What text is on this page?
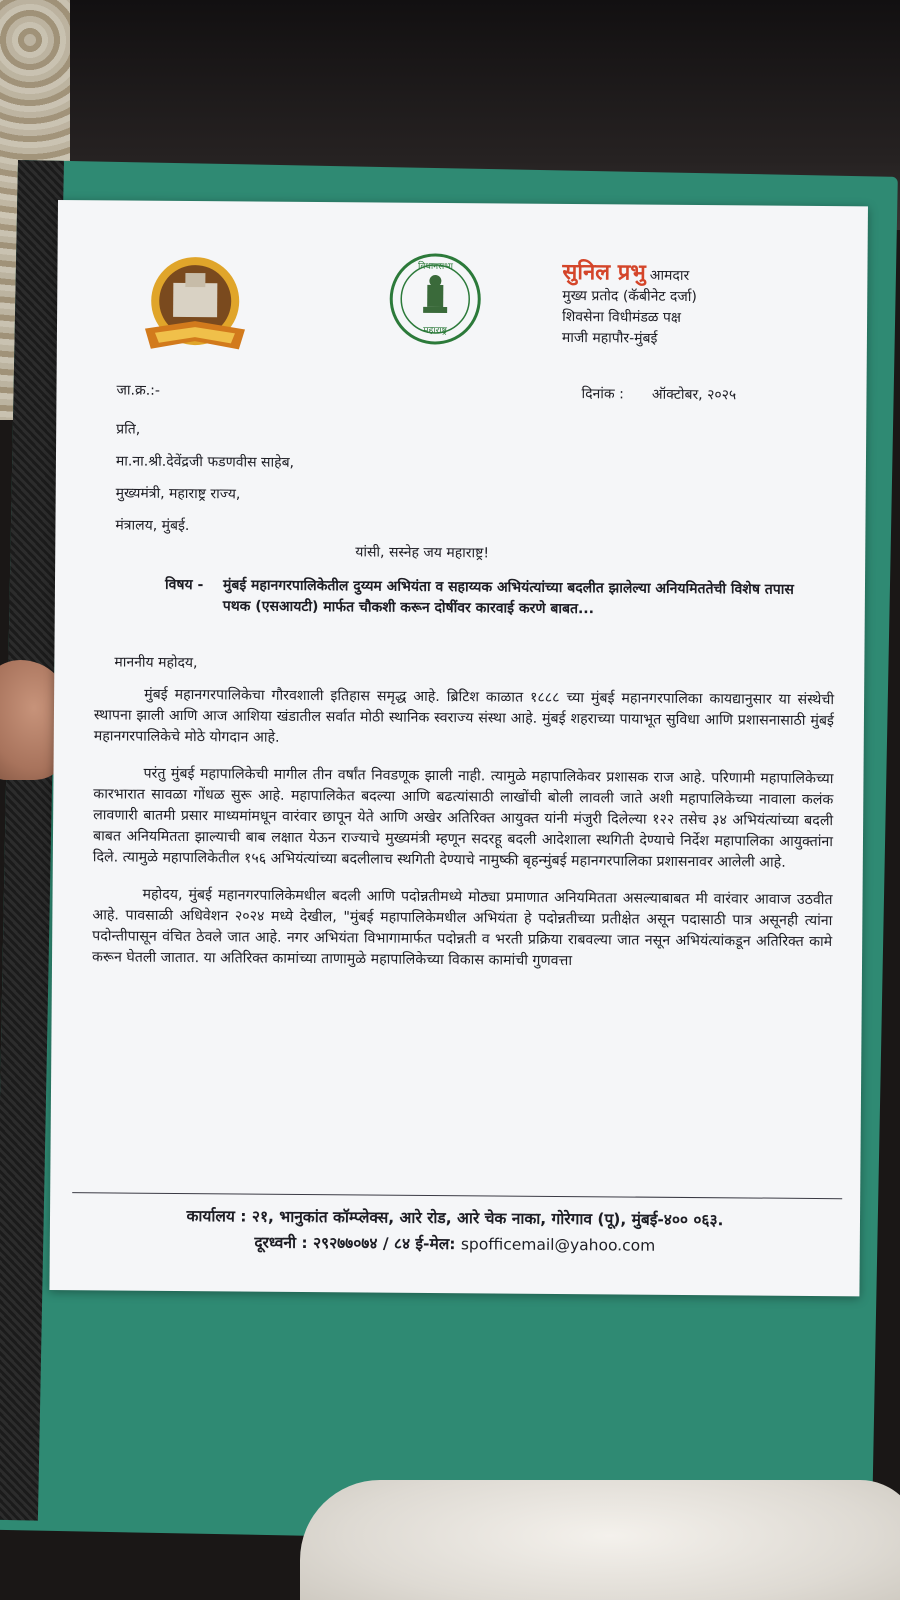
विधानसभा
महाराष्ट्र
सुनिल प्रभु आमदार
मुख्य प्रतोद (कॅबीनेट दर्जा)
शिवसेना विधीमंडळ पक्ष
माजी महापौर-मुंबई
जा.क्र.:-	दिनांक : ऑक्टोबर, २०२५
प्रति,
मा.ना.श्री.देवेंद्रजी फडणवीस साहेब,
मुख्यमंत्री, महाराष्ट्र राज्य,
मंत्रालय, मुंबई.
यांसी, सस्नेह जय महाराष्ट्र!
विषय - मुंबई महानगरपालिकेतील दुय्यम अभियंता व सहाय्यक अभियंत्यांच्या बदलीत झालेल्या अनियमिततेची विशेष तपास पथक (एसआयटी) मार्फत चौकशी करून दोषींवर कारवाई करणे बाबत...
माननीय महोदय,

मुंबई महानगरपालिकेचा गौरवशाली इतिहास समृद्ध आहे. ब्रिटिश काळात १८८८ च्या मुंबई महानगरपालिका कायद्यानुसार या संस्थेची स्थापना झाली आणि आज आशिया खंडातील सर्वात मोठी स्थानिक स्वराज्य संस्था आहे. मुंबई शहराच्या पायाभूत सुविधा आणि प्रशासनासाठी मुंबई महानगरपालिकेचे मोठे योगदान आहे.

परंतु मुंबई महापालिकेची मागील तीन वर्षांत निवडणूक झाली नाही. त्यामुळे महापालिकेवर प्रशासक राज आहे. परिणामी महापालिकेच्या कारभारात सावळा गोंधळ सुरू आहे. महापालिकेत बदल्या आणि बढत्यांसाठी लाखोंची बोली लावली जाते अशी महापालिकेच्या नावाला कलंक लावणारी बातमी प्रसार माध्यमांमधून वारंवार छापून येते आणि अखेर अतिरिक्त आयुक्त यांनी मंजुरी दिलेल्या १२२ तसेच ३४ अभियंत्यांच्या बदली बाबत अनियमितता झाल्याची बाब लक्षात येऊन राज्याचे मुख्यमंत्री म्हणून सदरहू बदली आदेशाला स्थगिती देण्याचे निर्देश महापालिका आयुक्तांना दिले. त्यामुळे महापालिकेतील १५६ अभियंत्यांच्या बदलीलाच स्थगिती देण्याचे नामुष्की बृहन्मुंबई महानगरपालिका प्रशासनावर आलेली आहे.

महोदय, मुंबई महानगरपालिकेमधील बदली आणि पदोन्नतीमध्ये मोठ्या प्रमाणात अनियमितता असल्याबाबत मी वारंवार आवाज उठवीत आहे. पावसाळी अधिवेशन २०२४ मध्ये देखील, "मुंबई महापालिकेमधील अभियंता हे पदोन्नतीच्या प्रतीक्षेत असून पदासाठी पात्र असूनही त्यांना पदोन्तीपासून वंचित ठेवले जात आहे. नगर अभियंता विभागामार्फत पदोन्नती व भरती प्रक्रिया राबवल्या जात नसून अभियंत्यांकडून अतिरिक्त कामे करून घेतली जातात. या अतिरिक्त कामांच्या ताणामुळे महापालिकेच्या विकास कामांची गुणवत्ता

कार्यालय : २१, भानुकांत कॉम्प्लेक्स, आरे रोड, आरे चेक नाका, गोरेगाव (पू), मुंबई-४०० ०६३.
दूरध्वनी : २९२७७०७४ / ८४ ई-मेल: spofficemail@yahoo.com
